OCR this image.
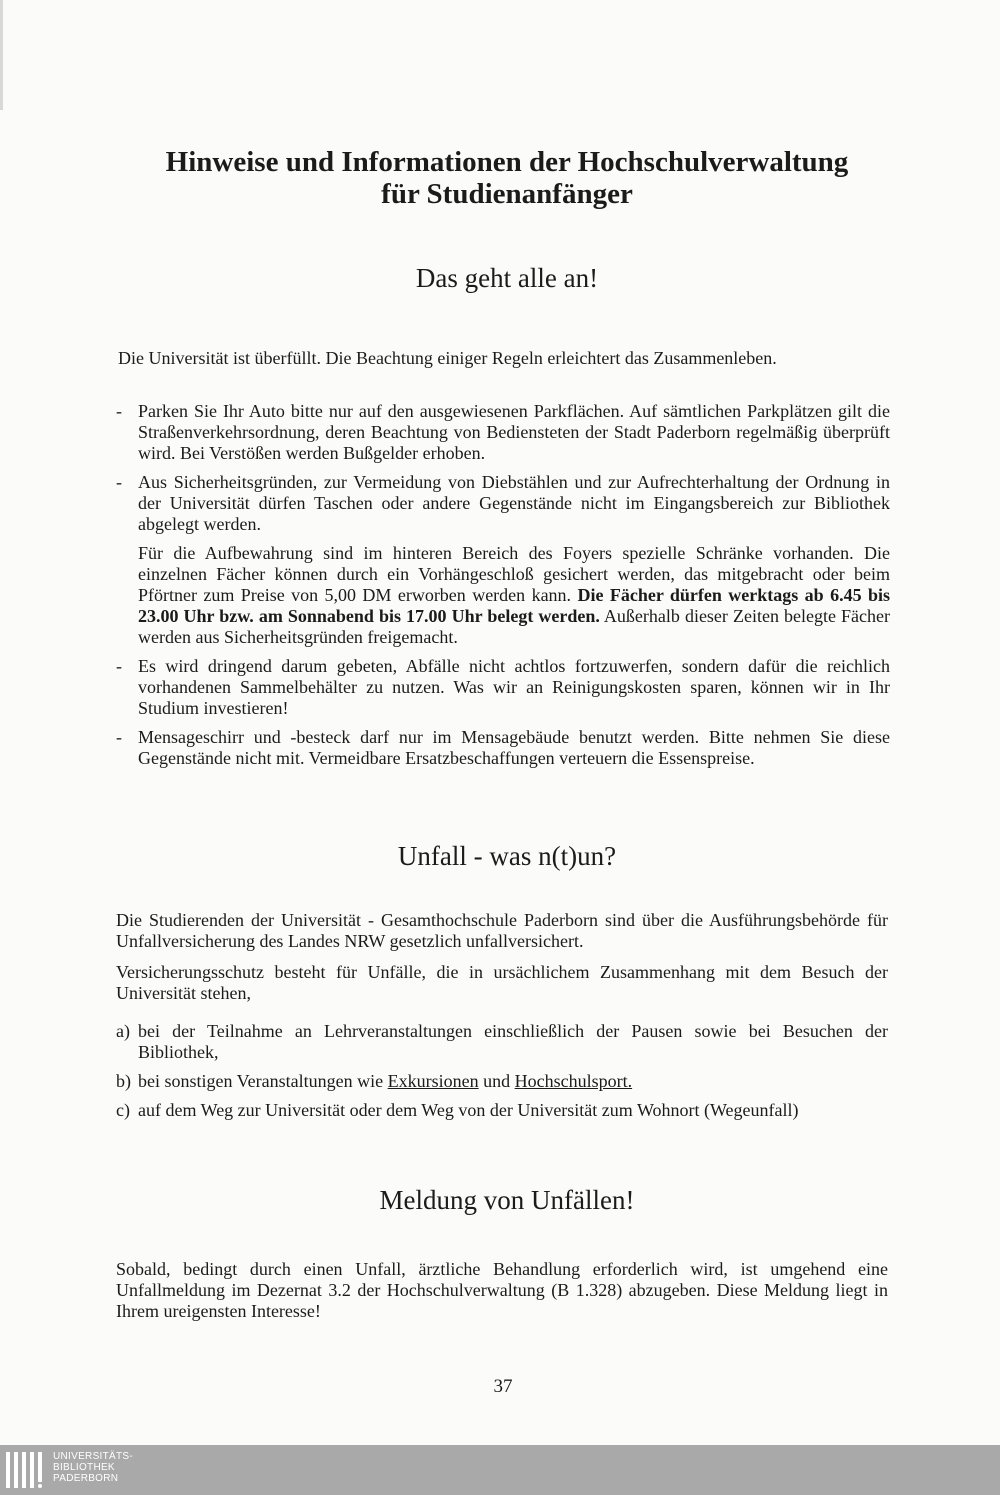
Hinweise und Informationen der Hochschulverwaltung
für Studienanfänger
Das geht alle an!

Die Universität ist überfüllt. Die Beachtung einiger Regeln erleichtert das Zusammenleben.

- Parken Sie Ihr Auto bitte nur auf den ausgewiesenen Parkflächen. Auf sämtlichen Parkplätzen gilt die Straßenverkehrsordnung, deren Beachtung von Bediensteten der Stadt Paderborn regelmäßig überprüft wird. Bei Verstößen werden Bußgelder erhoben.

- Aus Sicherheitsgründen, zur Vermeidung von Diebstählen und zur Aufrechterhaltung der Ordnung in der Universität dürfen Taschen oder andere Gegenstände nicht im Eingangsbereich zur Bibliothek abgelegt werden.

Für die Aufbewahrung sind im hinteren Bereich des Foyers spezielle Schränke vorhanden. Die einzelnen Fächer können durch ein Vorhängeschloß gesichert werden, das mitgebracht oder beim Pförtner zum Preise von 5,00 DM erworben werden kann. Die Fächer dürfen werktags ab 6.45 bis 23.00 Uhr bzw. am Sonnabend bis 17.00 Uhr belegt werden. Außerhalb dieser Zeiten belegte Fächer werden aus Sicherheitsgründen freigemacht.

- Es wird dringend darum gebeten, Abfälle nicht achtlos fortzuwerfen, sondern dafür die reichlich vorhandenen Sammelbehälter zu nutzen. Was wir an Reinigungskosten sparen, können wir in Ihr Studium investieren!

- Mensageschirr und -besteck darf nur im Mensagebäude benutzt werden. Bitte nehmen Sie diese Gegenstände nicht mit. Vermeidbare Ersatzbeschaffungen verteuern die Essenspreise.

Unfall - was n(t)un?

Die Studierenden der Universität - Gesamthochschule Paderborn sind über die Ausführungsbehörde für Unfallversicherung des Landes NRW gesetzlich unfallversichert.

Versicherungsschutz besteht für Unfälle, die in ursächlichem Zusammenhang mit dem Besuch der Universität stehen,

a) bei der Teilnahme an Lehrveranstaltungen einschließlich der Pausen sowie bei Besuchen der Bibliothek,

b) bei sonstigen Veranstaltungen wie Exkursionen und Hochschulsport.

c) auf dem Weg zur Universität oder dem Weg von der Universität zum Wohnort (Wegeunfall)

Meldung von Unfällen!

Sobald, bedingt durch einen Unfall, ärztliche Behandlung erforderlich wird, ist umgehend eine Unfallmeldung im Dezernat 3.2 der Hochschulverwaltung (B 1.328) abzugeben. Diese Meldung liegt in Ihrem ureigensten Interesse!

37
UNIVERSITÄTS-
BIBLIOTHEK
PADERBORN
